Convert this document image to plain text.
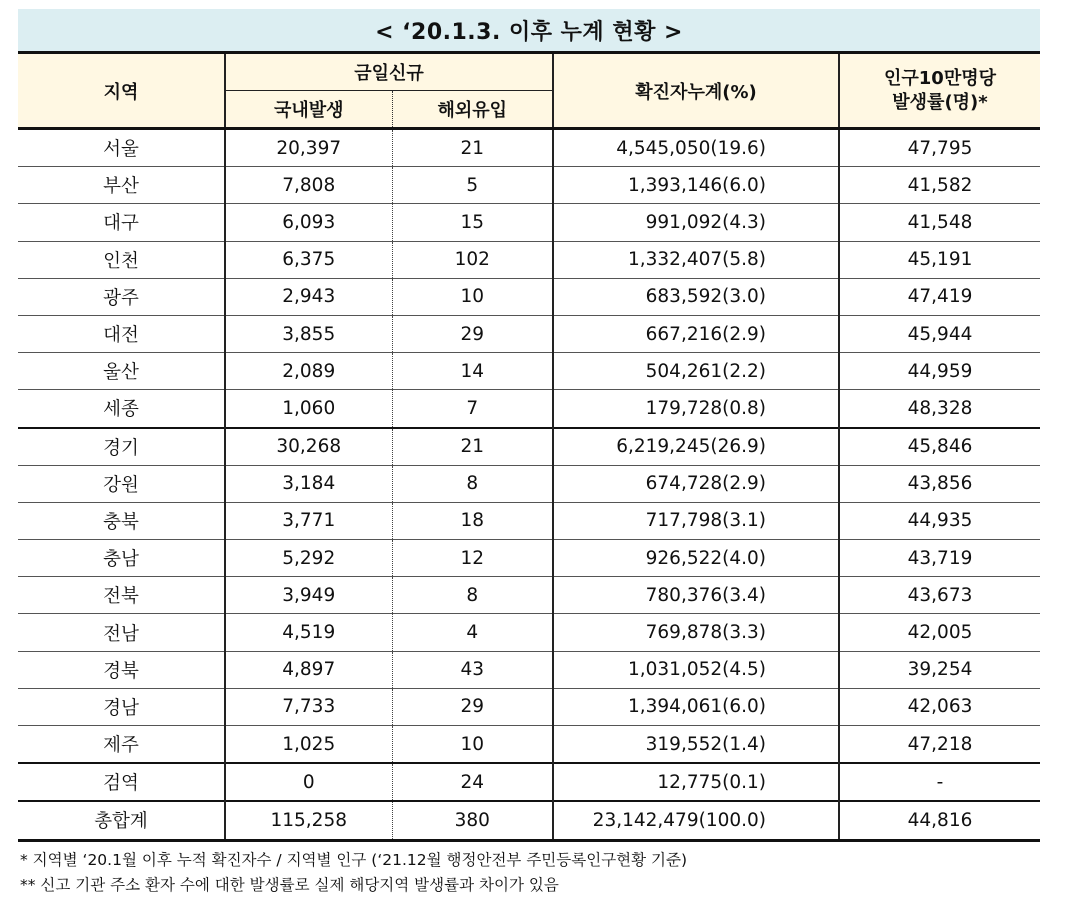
< ‘20.1.3. 이후 누계 현황 >
지역	금일신규		확진자누계(%)	인구10만명당
발생률(명)*
	국내발생	해외유입		
서울	20,397	21	4,545,050(19.6)	47,795
부산	7,808	5	1,393,146(6.0)	41,582
대구	6,093	15	991,092(4.3)	41,548
인천	6,375	102	1,332,407(5.8)	45,191
광주	2,943	10	683,592(3.0)	47,419
대전	3,855	29	667,216(2.9)	45,944
울산	2,089	14	504,261(2.2)	44,959
세종	1,060	7	179,728(0.8)	48,328
경기	30,268	21	6,219,245(26.9)	45,846
강원	3,184	8	674,728(2.9)	43,856
충북	3,771	18	717,798(3.1)	44,935
충남	5,292	12	926,522(4.0)	43,719
전북	3,949	8	780,376(3.4)	43,673
전남	4,519	4	769,878(3.3)	42,005
경북	4,897	43	1,031,052(4.5)	39,254
경남	7,733	29	1,394,061(6.0)	42,063
제주	1,025	10	319,552(1.4)	47,218
검역	0	24	12,775(0.1)	-
총합계	115,258	380	23,142,479(100.0)	44,816
* 지역별 ‘20.1월 이후 누적 확진자수 / 지역별 인구 (‘21.12월 행정안전부 주민등록인구현황 기준)
** 신고 기관 주소 환자 수에 대한 발생률로 실제 해당지역 발생률과 차이가 있음
